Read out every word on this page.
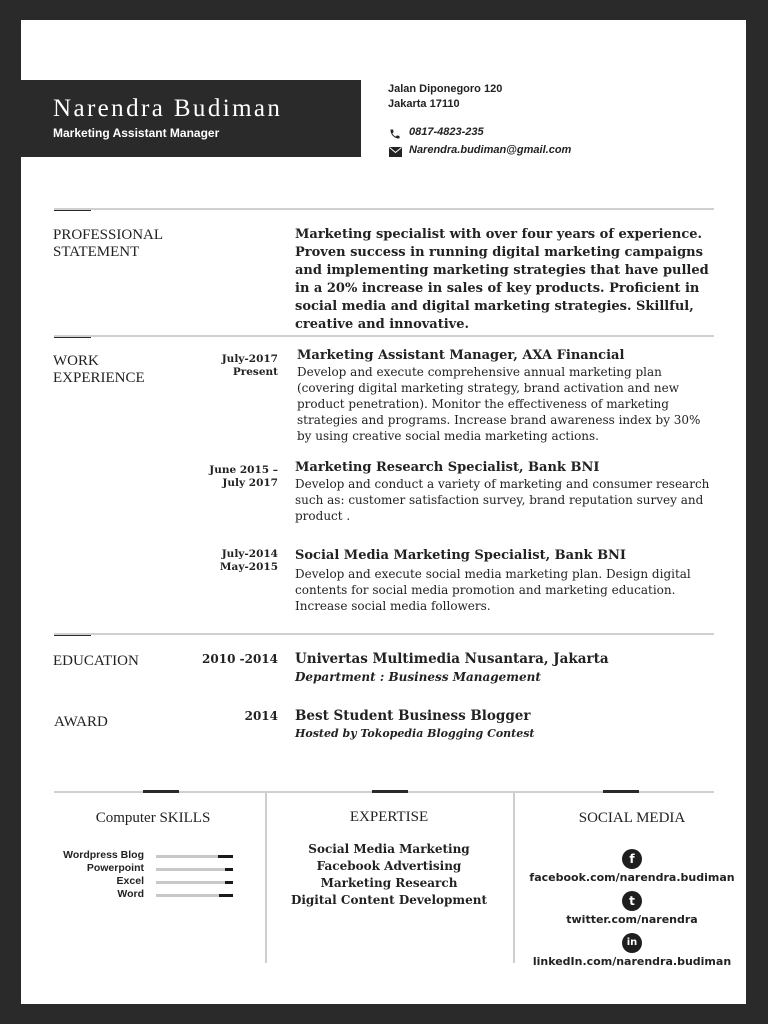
Narendra Budiman
Marketing Assistant Manager
Jalan Diponegoro 120
Jakarta 17110
0817-4823-235
Narendra.budiman@gmail.com
PROFESSIONAL
STATEMENT
Marketing specialist with over four years of experience. Proven success in running digital marketing campaigns and implementing marketing strategies that have pulled in a 20% increase in sales of key products. Proficient in social media and digital marketing strategies. Skillful, creative and innovative.
WORK
EXPERIENCE
July-2017
Present
Marketing Assistant Manager, AXA Financial
Develop and execute comprehensive annual marketing plan (covering digital marketing strategy, brand activation and new product penetration). Monitor the effectiveness of marketing strategies and programs. Increase brand awareness index by 30% by using creative social media marketing actions.
June 2015 –
July 2017
Marketing Research Specialist, Bank BNI
Develop and conduct a variety of marketing and consumer research such as: customer satisfaction survey, brand reputation survey and product .
July-2014
May-2015
Social Media Marketing Specialist, Bank BNI
Develop and execute social media marketing plan. Design digital contents for social media promotion and marketing education. Increase social media followers.
EDUCATION	2010 -2014 Univertas Multimedia Nusantara, Jakarta
Department : Business Management
AWARD	2014 Best Student Business Blogger
Hosted by Tokopedia Blogging Contest
Computer SKILLS
Wordpress Blog
Powerpoint
Excel
Word
EXPERTISE
Social Media Marketing
Facebook Advertising
Marketing Research
Digital Content Development
SOCIAL MEDIA
f
facebook.com/narendra.budiman
t
twitter.com/narendra
in
linkedIn.com/narendra.budiman
